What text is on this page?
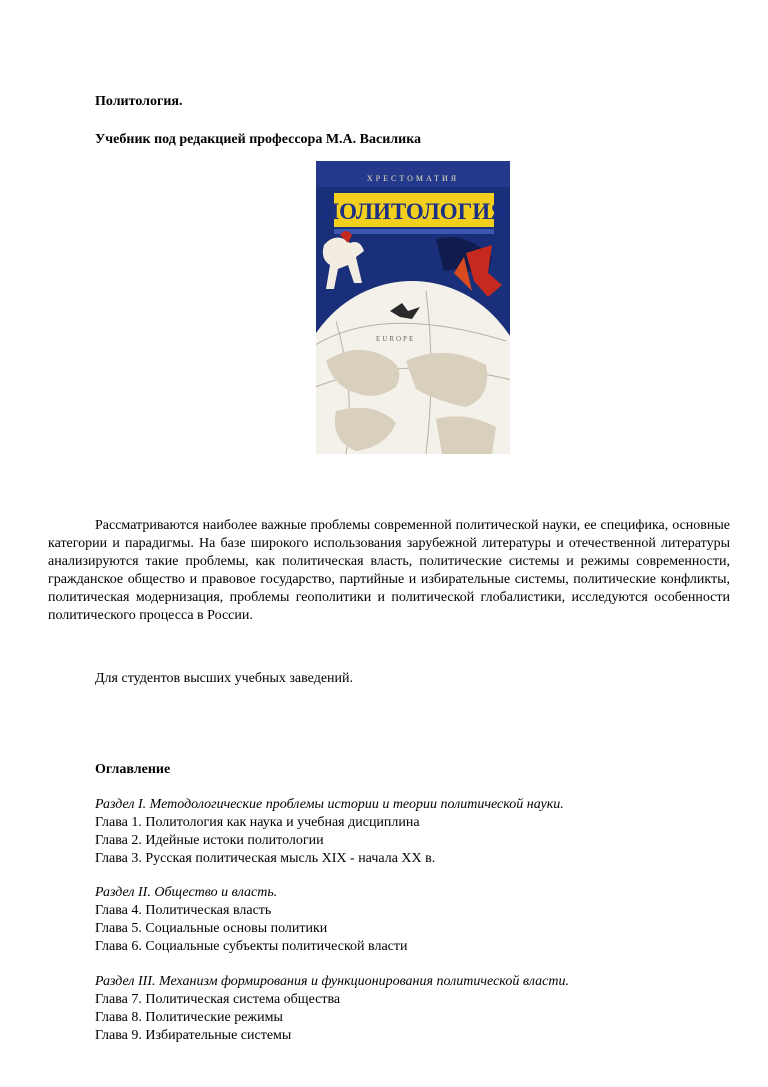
Политология.
Учебник под редакцией профессора М.А. Василика
ХРЕСТОМАТИЯ
ПОЛИТОЛОГИЯ
EUROPE

Рассматриваются наиболее важные проблемы современной политической науки, ее специфика, основные категории и парадигмы. На базе широкого использования зарубежной литературы и отечественной литературы анализируются такие проблемы, как политическая власть, политические системы и режимы современности, гражданское общество и правовое государство, партийные и избирательные системы, политические конфликты, политическая модернизация, проблемы геополитики и политической глобалистики, исследуются особенности политического процесса в России.

Для студентов высших учебных заведений.
Оглавление
Раздел I. Методологические проблемы истории и теории политической науки.
Глава 1. Политология как наука и учебная дисциплина
Глава 2. Идейные истоки политологии
Глава 3. Русская политическая мысль XIX - начала XX в.
Раздел II. Общество и власть.
Глава 4. Политическая власть
Глава 5. Социальные основы политики
Глава 6. Социальные субъекты политической власти
Раздел III. Механизм формирования и функционирования политической власти.
Глава 7. Политическая система общества
Глава 8. Политические режимы
Глава 9. Избирательные системы
